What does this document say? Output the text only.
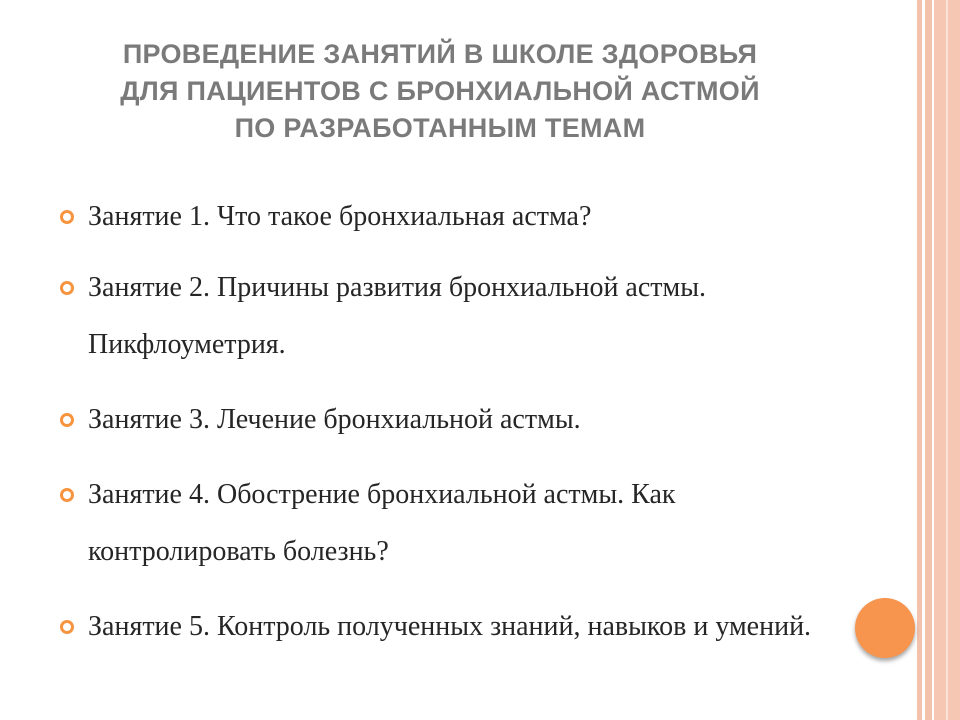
ПРОВЕДЕНИЕ ЗАНЯТИЙ В ШКОЛЕ ЗДОРОВЬЯ
ДЛЯ ПАЦИЕНТОВ С БРОНХИАЛЬНОЙ АСТМОЙ
ПО РАЗРАБОТАННЫМ ТЕМАМ
Занятие 1. Что такое бронхиальная астма?
Занятие 2. Причины развития бронхиальной астмы. Пикфлоуметрия.
Занятие 3. Лечение бронхиальной астмы.
Занятие 4. Обострение бронхиальной астмы. Как контролировать болезнь?
Занятие 5. Контроль полученных знаний, навыков и умений.
